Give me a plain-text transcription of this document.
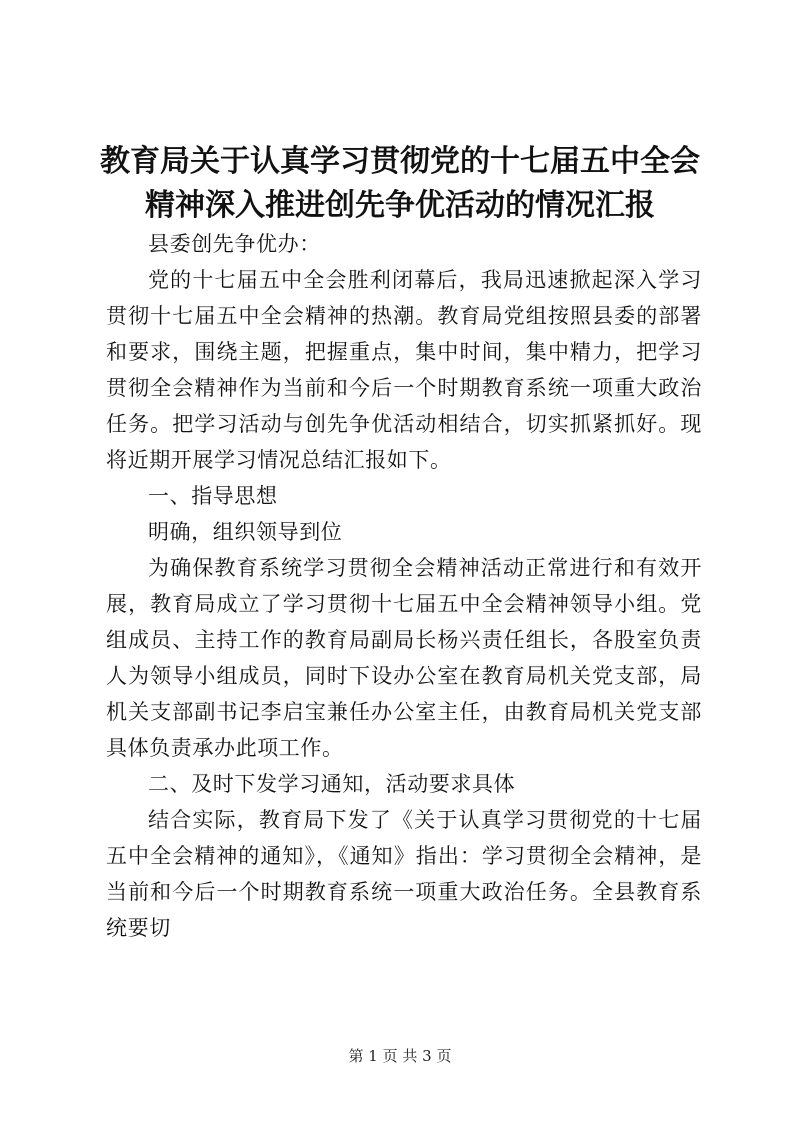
教育局关于认真学习贯彻党的十七届五中全会
精神深入推进创先争优活动的情况汇报

县委创先争优办：

党的十七届五中全会胜利闭幕后，我局迅速掀起深入学习贯彻十七届五中全会精神的热潮。教育局党组按照县委的部署和要求，围绕主题，把握重点，集中时间，集中精力，把学习贯彻全会精神作为当前和今后一个时期教育系统一项重大政治任务。把学习活动与创先争优活动相结合，切实抓紧抓好。现将近期开展学习情况总结汇报如下。

一、指导思想

明确，组织领导到位

为确保教育系统学习贯彻全会精神活动正常进行和有效开展，教育局成立了学习贯彻十七届五中全会精神领导小组。党组成员、主持工作的教育局副局长杨兴责任组长，各股室负责人为领导小组成员，同时下设办公室在教育局机关党支部，局机关支部副书记李启宝兼任办公室主任，由教育局机关党支部具体负责承办此项工作。

二、及时下发学习通知，活动要求具体

结合实际，教育局下发了《关于认真学习贯彻党的十七届五中全会精神的通知》，《通知》指出：学习贯彻全会精神，是当前和今后一个时期教育系统一项重大政治任务。全县教育系统要切

第 1 页 共 3 页
